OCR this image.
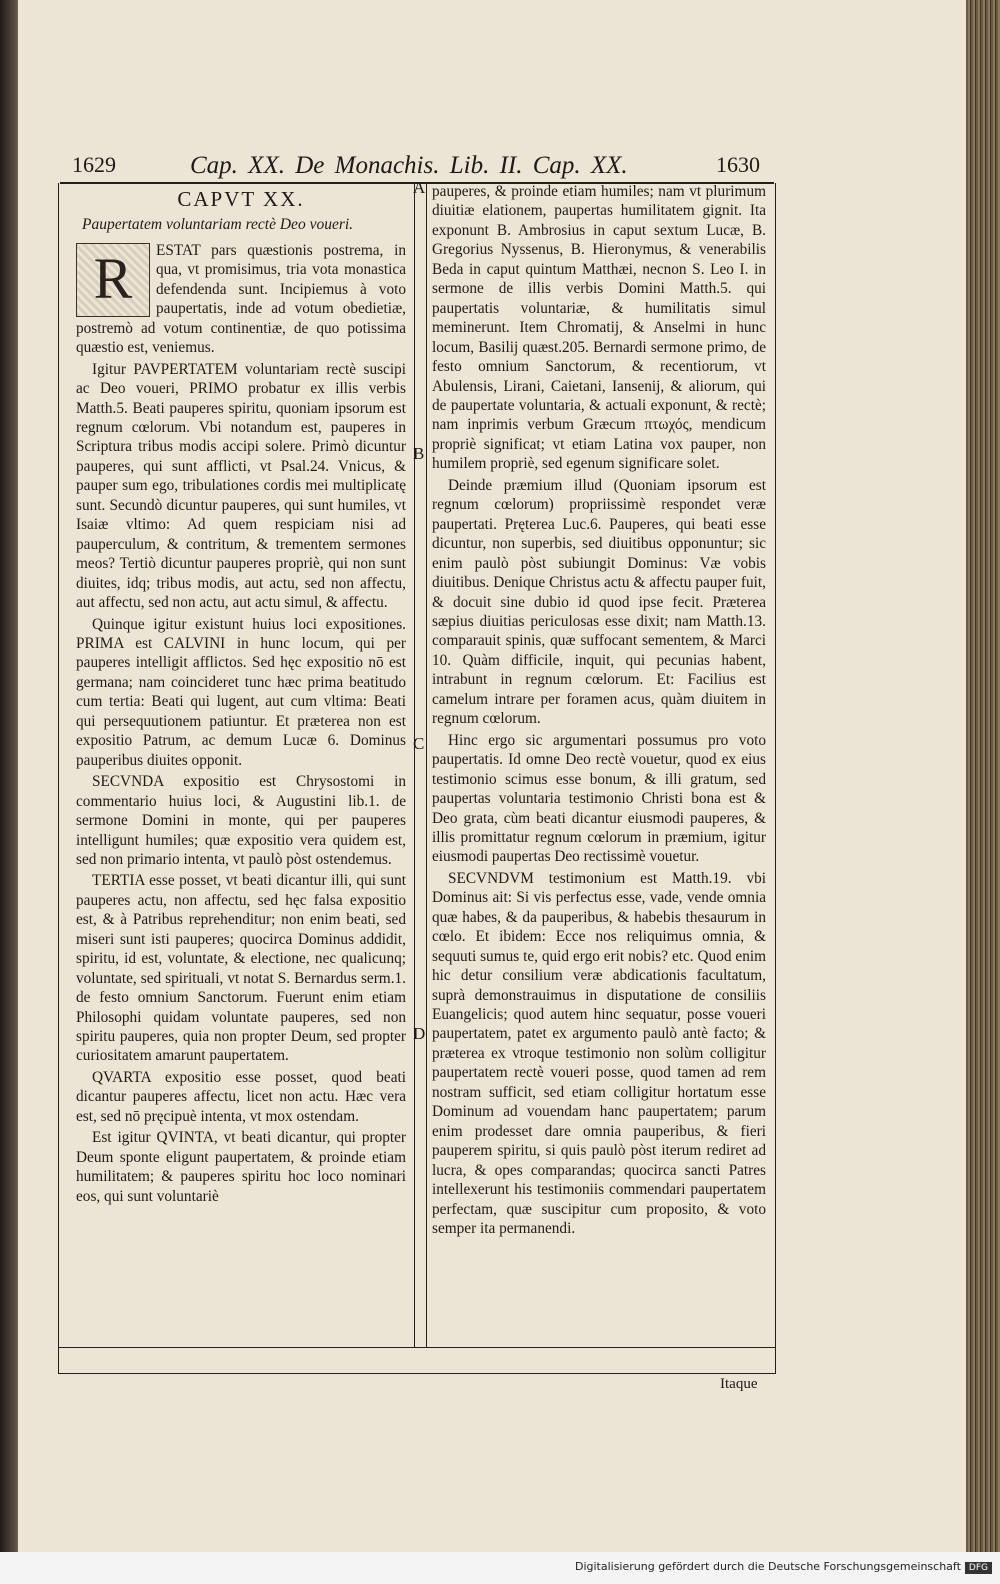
1629	Cap. XX. De Monachis. Lib. II. Cap. XX.	1630
A
B
C
D
CAPVT XX.
Paupertatem voluntariam rectè Deo voueri.
R	ESTAT pars quæstionis postrema, in qua, vt promisimus, tria vota monastica defendenda sunt. Incipiemus à voto paupertatis, inde ad votum obedietiæ, postremò ad votum continentiæ, de quo potissima quæstio est, veniemus.

Igitur PAVPERTATEM voluntariam rectè suscipi ac Deo voueri, PRIMO probatur ex illis verbis Matth.5. Beati pauperes spiritu, quoniam ipsorum est regnum cœlorum. Vbi notandum est, pauperes in Scriptura tribus modis accipi solere. Primò dicuntur pauperes, qui sunt afflicti, vt Psal.24. Vnicus, & pauper sum ego, tribulationes cordis mei multiplicatę sunt. Secundò dicuntur pauperes, qui sunt humiles, vt Isaiæ vltimo: Ad quem respiciam nisi ad pauperculum, & contritum, & trementem sermones meos? Tertiò dicuntur pauperes propriè, qui non sunt diuites, idq; tribus modis, aut actu, sed non affectu, aut affectu, sed non actu, aut actu simul, & affectu.

Quinque igitur existunt huius loci expositiones. PRIMA est CALVINI in hunc locum, qui per pauperes intelligit afflictos. Sed hęc expositio nō est germana; nam coincideret tunc hæc prima beatitudo cum tertia: Beati qui lugent, aut cum vltima: Beati qui persequutionem patiuntur. Et præterea non est expositio Patrum, ac demum Lucæ 6. Dominus pauperibus diuites opponit.

SECVNDA expositio est Chrysostomi in commentario huius loci, & Augustini lib.1. de sermone Domini in monte, qui per pauperes intelligunt humiles; quæ expositio vera quidem est, sed non primario intenta, vt paulò pòst ostendemus.

TERTIA esse posset, vt beati dicantur illi, qui sunt pauperes actu, non affectu, sed hęc falsa expositio est, & à Patribus reprehenditur; non enim beati, sed miseri sunt isti pauperes; quocirca Dominus addidit, spiritu, id est, voluntate, & electione, nec qualicunq; voluntate, sed spirituali, vt notat S. Bernardus serm.1. de festo omnium Sanctorum. Fuerunt enim etiam Philosophi quidam voluntate pauperes, sed non spiritu pauperes, quia non propter Deum, sed propter curiositatem amarunt paupertatem.

QVARTA expositio esse posset, quod beati dicantur pauperes affectu, licet non actu. Hæc vera est, sed nō pręcipuè intenta, vt mox ostendam.

Est igitur QVINTA, vt beati dicantur, qui propter Deum sponte eligunt paupertatem, & proinde etiam humilitatem; & pauperes spiritu hoc loco nominari eos, qui sunt voluntariè

pauperes, & proinde etiam humiles; nam vt plurimum diuitiæ elationem, paupertas humilitatem gignit. Ita exponunt B. Ambrosius in caput sextum Lucæ, B. Gregorius Nyssenus, B. Hieronymus, & venerabilis Beda in caput quintum Matthæi, necnon S. Leo I. in sermone de illis verbis Domini Matth.5. qui paupertatis voluntariæ, & humilitatis simul meminerunt. Item Chromatij, & Anselmi in hunc locum, Basilij quæst.205. Bernardi sermone primo, de festo omnium Sanctorum, & recentiorum, vt Abulensis, Lirani, Caietani, Iansenij, & aliorum, qui de paupertate voluntaria, & actuali exponunt, & rectè; nam inprimis verbum Græcum πτωχός, mendicum propriè significat; vt etiam Latina vox pauper, non humilem propriè, sed egenum significare solet.

Deinde præmium illud (Quoniam ipsorum est regnum cœlorum) propriissimè respondet veræ paupertati. Pręterea Luc.6. Pauperes, qui beati esse dicuntur, non superbis, sed diuitibus opponuntur; sic enim paulò pòst subiungit Dominus: Væ vobis diuitibus. Denique Christus actu & affectu pauper fuit, & docuit sine dubio id quod ipse fecit. Præterea sæpius diuitias periculosas esse dixit; nam Matth.13. comparauit spinis, quæ suffocant sementem, & Marci 10. Quàm difficile, inquit, qui pecunias habent, intrabunt in regnum cœlorum. Et: Facilius est camelum intrare per foramen acus, quàm diuitem in regnum cœlorum.

Hinc ergo sic argumentari possumus pro voto paupertatis. Id omne Deo rectè vouetur, quod ex eius testimonio scimus esse bonum, & illi gratum, sed paupertas voluntaria testimonio Christi bona est & Deo grata, cùm beati dicantur eiusmodi pauperes, & illis promittatur regnum cœlorum in præmium, igitur eiusmodi paupertas Deo rectissimè vouetur.

SECVNDVM testimonium est Matth.19. vbi Dominus ait: Si vis perfectus esse, vade, vende omnia quæ habes, & da pauperibus, & habebis thesaurum in cœlo. Et ibidem: Ecce nos reliquimus omnia, & sequuti sumus te, quid ergo erit nobis? etc. Quod enim hic detur consilium veræ abdicationis facultatum, suprà demonstrauimus in disputatione de consiliis Euangelicis; quod autem hinc sequatur, posse voueri paupertatem, patet ex argumento paulò antè facto; & præterea ex vtroque testimonio non solùm colligitur paupertatem rectè voueri posse, quod tamen ad rem nostram sufficit, sed etiam colligitur hortatum esse Dominum ad vouendam hanc paupertatem; parum enim prodesset dare omnia pauperibus, & fieri pauperem spiritu, si quis paulò pòst iterum rediret ad lucra, & opes comparandas; quocirca sancti Patres intellexerunt his testimoniis commendari paupertatem perfectam, quæ suscipitur cum proposito, & voto semper ita permanendi.

Itaque
Digitalisierung gefördert durch die Deutsche Forschungsgemeinschaft DFG
